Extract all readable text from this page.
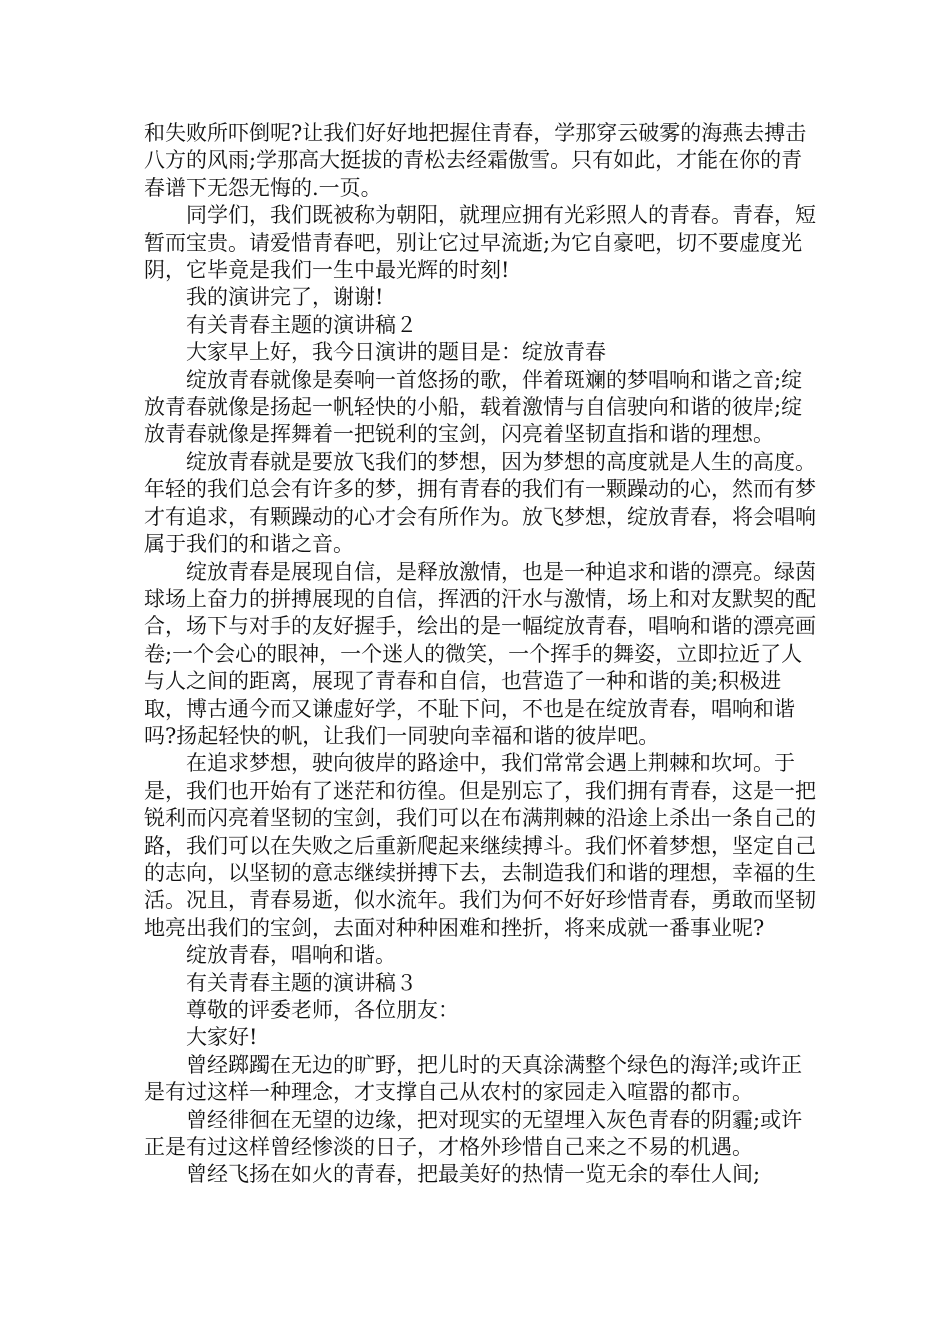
和失败所吓倒呢?让我们好好地把握住青春，学那穿云破雾的海燕去搏击八方的风雨;学那高大挺拔的青松去经霜傲雪。只有如此，才能在你的青春谱下无怨无悔的.一页。

同学们，我们既被称为朝阳，就理应拥有光彩照人的青春。青春，短暂而宝贵。请爱惜青春吧，别让它过早流逝;为它自豪吧，切不要虚度光阴，它毕竟是我们一生中最光辉的时刻!

我的演讲完了，谢谢!

有关青春主题的演讲稿２

大家早上好，我今日演讲的题目是：绽放青春

绽放青春就像是奏响一首悠扬的歌，伴着斑斓的梦唱响和谐之音;绽放青春就像是扬起一帆轻快的小船，载着激情与自信驶向和谐的彼岸;绽放青春就像是挥舞着一把锐利的宝剑，闪亮着坚韧直指和谐的理想。

绽放青春就是要放飞我们的梦想，因为梦想的高度就是人生的高度。年轻的我们总会有许多的梦，拥有青春的我们有一颗躁动的心，然而有梦才有追求，有颗躁动的心才会有所作为。放飞梦想，绽放青春，将会唱响属于我们的和谐之音。

绽放青春是展现自信，是释放激情，也是一种追求和谐的漂亮。绿茵球场上奋力的拼搏展现的自信，挥洒的汗水与激情，场上和对友默契的配合，场下与对手的友好握手，绘出的是一幅绽放青春，唱响和谐的漂亮画卷;一个会心的眼神，一个迷人的微笑，一个挥手的舞姿，立即拉近了人与人之间的距离，展现了青春和自信，也营造了一种和谐的美;积极进取，博古通今而又谦虚好学，不耻下问，不也是在绽放青春，唱响和谐吗?扬起轻快的帆，让我们一同驶向幸福和谐的彼岸吧。

在追求梦想，驶向彼岸的路途中，我们常常会遇上荆棘和坎坷。于是，我们也开始有了迷茫和彷徨。但是别忘了，我们拥有青春，这是一把锐利而闪亮着坚韧的宝剑，我们可以在布满荆棘的沿途上杀出一条自己的路，我们可以在失败之后重新爬起来继续搏斗。我们怀着梦想，坚定自己的志向，以坚韧的意志继续拼搏下去，去制造我们和谐的理想，幸福的生活。况且，青春易逝，似水流年。我们为何不好好珍惜青春，勇敢而坚韧地亮出我们的宝剑，去面对种种困难和挫折，将来成就一番事业呢?

绽放青春，唱响和谐。

有关青春主题的演讲稿３

尊敬的评委老师，各位朋友：

大家好!

曾经踯躅在无边的旷野，把儿时的天真涂满整个绿色的海洋;或许正是有过这样一种理念，才支撑自己从农村的家园走入喧嚣的都市。

曾经徘徊在无望的边缘，把对现实的无望埋入灰色青春的阴霾;或许正是有过这样曾经惨淡的日子，才格外珍惜自己来之不易的机遇。

曾经飞扬在如火的青春，把最美好的热情一览无余的奉仕人间;
